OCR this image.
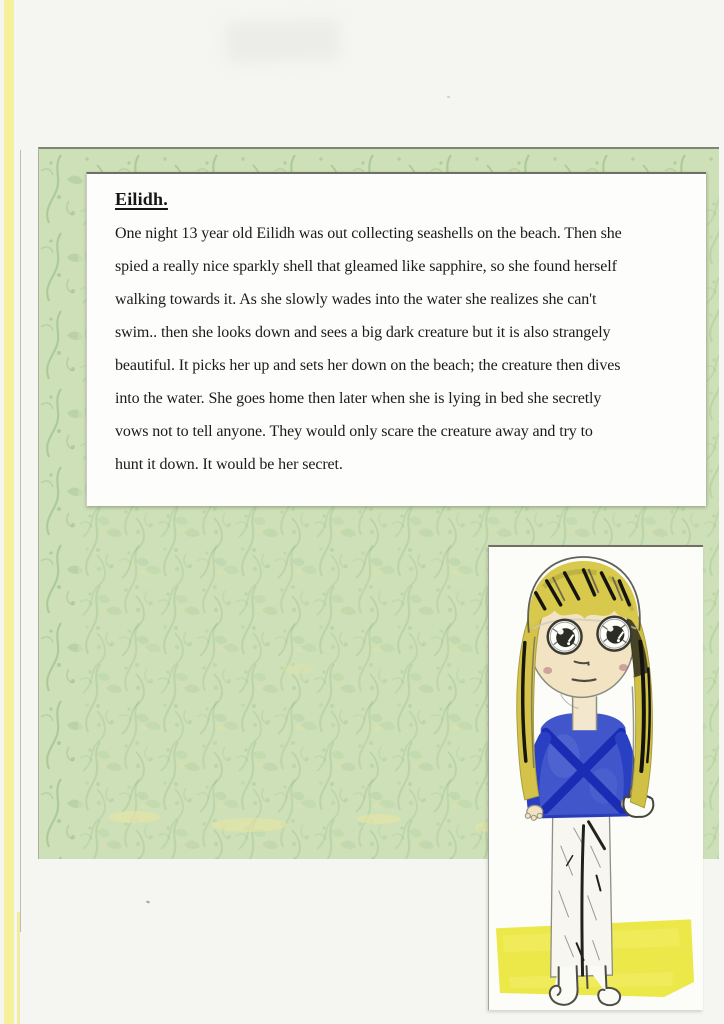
Eilidh.

One night 13 year old Eilidh was out collecting seashells on the beach. Then she

spied a really nice sparkly shell that gleamed like sapphire, so she found herself

walking towards it. As she slowly wades into the water she realizes she can't

swim.. then she looks down and sees a big dark creature but it is also strangely

beautiful. It picks her up and sets her down on the beach; the creature then dives

into the water. She goes home then later when she is lying in bed she secretly

vows not to tell anyone. They would only scare the creature away and try to

hunt it down. It would be her secret.
